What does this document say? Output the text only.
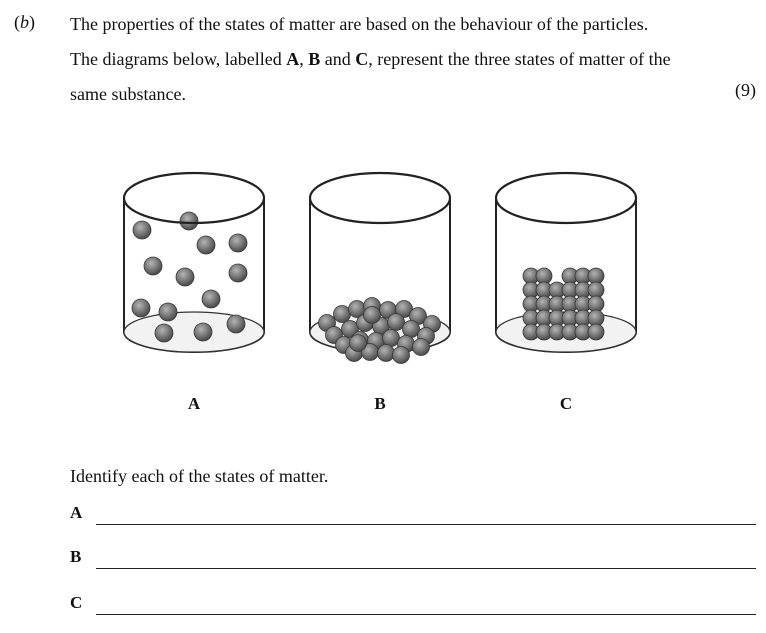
(b) The properties of the states of matter are based on the behaviour of the particles.
The diagrams below, labelled A, B and C, represent the three states of matter of the
same substance.	(9)
A	B	C
Identify each of the states of matter.
A
B
C
